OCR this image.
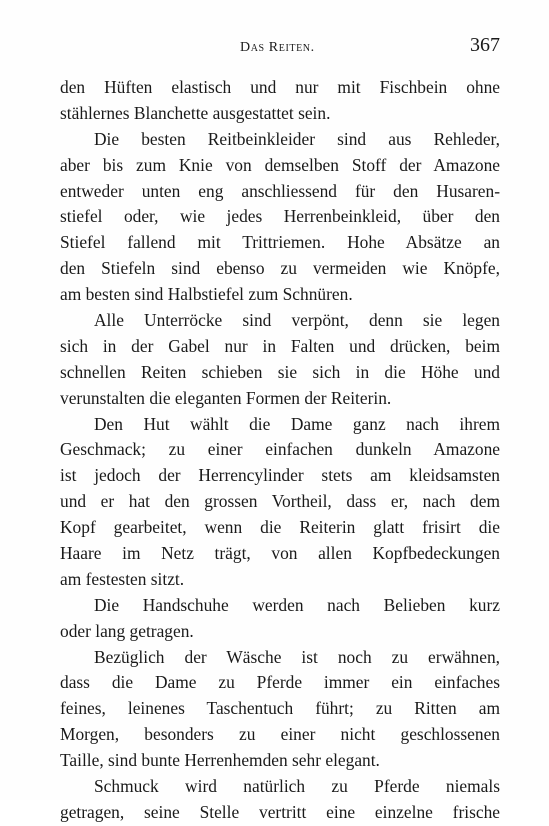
Das Reiten.	367
den Hüften elastisch und nur mit Fischbein ohne
stählernes Blanchette ausgestattet sein.
Die besten Reitbeinkleider sind aus Rehleder,
aber bis zum Knie von demselben Stoff der Amazone
entweder unten eng anschliessend für den Husaren-
stiefel oder, wie jedes Herrenbeinkleid, über den
Stiefel fallend mit Trittriemen. Hohe Absätze an
den Stiefeln sind ebenso zu vermeiden wie Knöpfe,
am besten sind Halbstiefel zum Schnüren.
Alle Unterröcke sind verpönt, denn sie legen
sich in der Gabel nur in Falten und drücken, beim
schnellen Reiten schieben sie sich in die Höhe und
verunstalten die eleganten Formen der Reiterin.
Den Hut wählt die Dame ganz nach ihrem
Geschmack; zu einer einfachen dunkeln Amazone
ist jedoch der Herrencylinder stets am kleidsamsten
und er hat den grossen Vortheil, dass er, nach dem
Kopf gearbeitet, wenn die Reiterin glatt frisirt die
Haare im Netz trägt, von allen Kopfbedeckungen
am festesten sitzt.
Die Handschuhe werden nach Belieben kurz
oder lang getragen.
Bezüglich der Wäsche ist noch zu erwähnen,
dass die Dame zu Pferde immer ein einfaches
feines, leinenes Taschentuch führt; zu Ritten am
Morgen, besonders zu einer nicht geschlossenen
Taille, sind bunte Herrenhemden sehr elegant.
Schmuck wird natürlich zu Pferde niemals
getragen, seine Stelle vertritt eine einzelne frische
